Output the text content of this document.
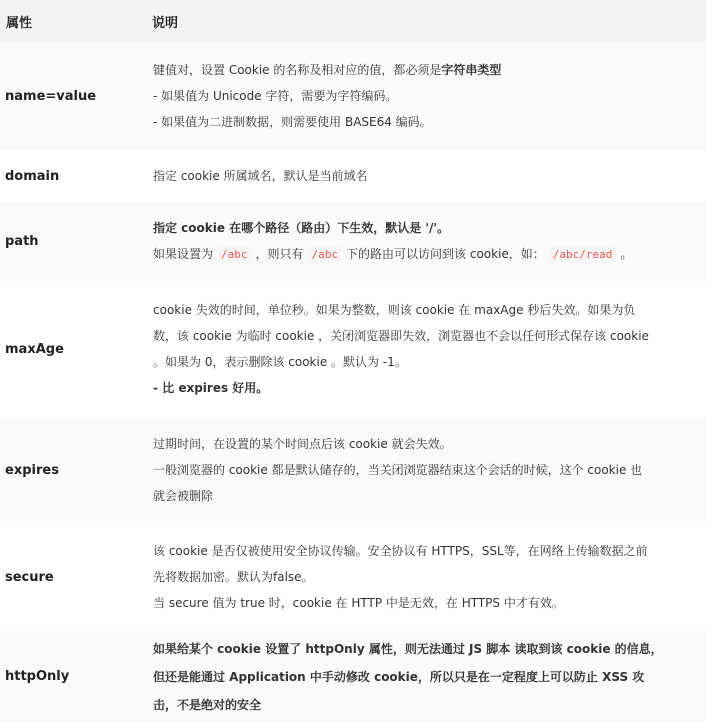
属性	说明
name=value	键值对，设置 Cookie 的名称及相对应的值，都必须是字符串类型
- 如果值为 Unicode 字符，需要为字符编码。
- 如果值为二进制数据，则需要使用 BASE64 编码。

domain	指定 cookie 所属域名，默认是当前域名

path	指定 cookie 在哪个路径（路由）下生效，默认是 '/'。
如果设置为 /abc ，则只有 /abc 下的路由可以访问到该 cookie，如： /abc/read 。

maxAge	cookie 失效的时间，单位秒。如果为整数，则该 cookie 在 maxAge 秒后失效。如果为负
数，该 cookie 为临时 cookie ，关闭浏览器即失效，浏览器也不会以任何形式保存该 cookie
。如果为 0，表示删除该 cookie 。默认为 -1。
- 比 expires 好用。

expires	过期时间，在设置的某个时间点后该 cookie 就会失效。
一般浏览器的 cookie 都是默认储存的，当关闭浏览器结束这个会话的时候，这个 cookie 也
就会被删除

secure	该 cookie 是否仅被使用安全协议传输。安全协议有 HTTPS，SSL等，在网络上传输数据之前
先将数据加密。默认为false。
当 secure 值为 true 时，cookie 在 HTTP 中是无效，在 HTTPS 中才有效。

httpOnly	如果给某个 cookie 设置了 httpOnly 属性，则无法通过 JS 脚本 读取到该 cookie 的信息，
但还是能通过 Application 中手动修改 cookie，所以只是在一定程度上可以防止 XSS 攻
击，不是绝对的安全
